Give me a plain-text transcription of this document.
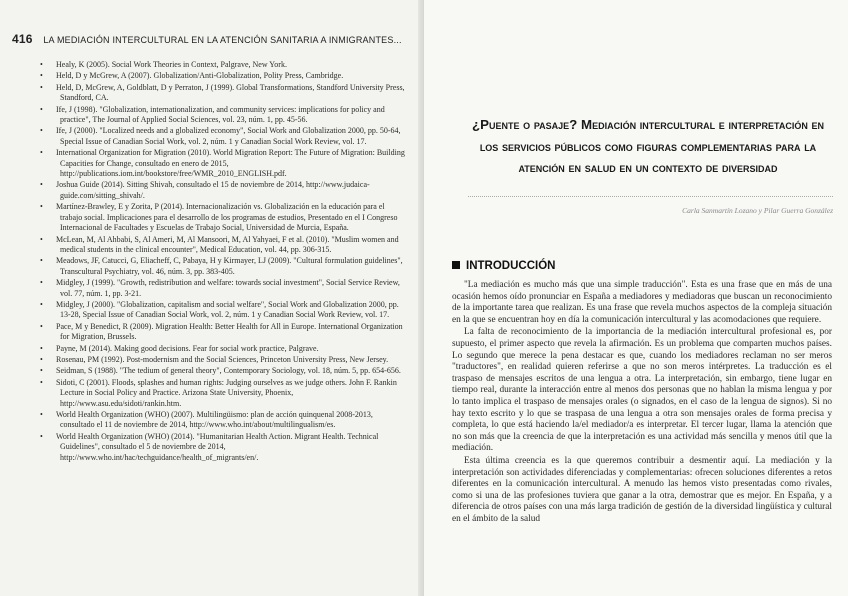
416 LA MEDIACIÓN INTERCULTURAL EN LA ATENCIÓN SANITARIA A INMIGRANTES...
• Healy, K (2005). Social Work Theories in Context, Palgrave, New York.
• Held, D y McGrew, A (2007). Globalization/Anti-Globalization, Polity Press, Cambridge.
• Held, D, McGrew, A, Goldblatt, D y Perraton, J (1999). Global Transformations, Standford University Press, Standford, CA.
• Ife, J (1998). "Globalization, internationalization, and community services: implications for policy and practice", The Journal of Applied Social Sciences, vol. 23, núm. 1, pp. 45-56.
• Ife, J (2000). "Localized needs and a globalized economy", Social Work and Globalization 2000, pp. 50-64, Special Issue of Canadian Social Work, vol. 2, núm. 1 y Canadian Social Work Review, vol. 17.
• International Organization for Migration (2010). World Migration Report: The Future of Migration: Building Capacities for Change, consultado en enero de 2015, http://publications.iom.int/bookstore/free/WMR_2010_ENGLISH.pdf.
• Joshua Guide (2014). Sitting Shivah, consultado el 15 de noviembre de 2014, http://www.judaica-guide.com/sitting_shivah/.
• Martínez-Brawley, E y Zorita, P (2014). Internacionalización vs. Globalización en la educación para el trabajo social. Implicaciones para el desarrollo de los programas de estudios, Presentado en el I Congreso Internacional de Facultades y Escuelas de Trabajo Social, Universidad de Murcia, España.
• McLean, M, Al Ahbabi, S, Al Ameri, M, Al Mansoori, M, Al Yahyaei, F et al. (2010). "Muslim women and medical students in the clinical encounter", Medical Education, vol. 44, pp. 306-315.
• Meadows, JF, Catucci, G, Eliacheff, C, Pabaya, H y Kirmayer, LJ (2009). "Cultural formulation guidelines", Transcultural Psychiatry, vol. 46, núm. 3, pp. 383-405.
• Midgley, J (1999). "Growth, redistribution and welfare: towards social investment", Social Service Review, vol. 77, núm. 1, pp. 3-21.
• Midgley, J (2000). "Globalization, capitalism and social welfare", Social Work and Globalization 2000, pp. 13-28, Special Issue of Canadian Social Work, vol. 2, núm. 1 y Canadian Social Work Review, vol. 17.
• Pace, M y Benedict, R (2009). Migration Health: Better Health for All in Europe. International Organization for Migration, Brussels.
• Payne, M (2014). Making good decisions. Fear for social work practice, Palgrave.
• Rosenau, PM (1992). Post-modernism and the Social Sciences, Princeton University Press, New Jersey.
• Seidman, S (1988). "The tedium of general theory", Contemporary Sociology, vol. 18, núm. 5, pp. 654-656.
• Sidoti, C (2001). Floods, splashes and human rights: Judging ourselves as we judge others. John F. Rankin Lecture in Social Policy and Practice. Arizona State University, Phoenix, http://www.asu.edu/sidoti/rankin.htm.
• World Health Organization (WHO) (2007). Multilingüismo: plan de acción quinquenal 2008-2013, consultado el 11 de noviembre de 2014, http://www.who.int/about/multilingualism/es.
• World Health Organization (WHO) (2014). "Humanitarian Health Action. Migrant Health. Technical Guidelines", consultado el 5 de noviembre de 2014, http://www.who.int/hac/techguidance/health_of_migrants/en/.
¿Puente o pasaje? Mediación intercultural e interpretación en los servicios públicos como figuras complementarias para la atención en salud en un contexto de diversidad
Carla Sanmartín Lozano y Pilar Guerra González
INTRODUCCIÓN

"La mediación es mucho más que una simple traducción". Esta es una frase que en más de una ocasión hemos oído pronunciar en España a mediadores y mediadoras que buscan un reconocimiento de la importante tarea que realizan. Es una frase que revela muchos aspectos de la compleja situación en la que se encuentran hoy en día la comunicación intercultural y las acomodaciones que requiere.

La falta de reconocimiento de la importancia de la mediación intercultural profesional es, por supuesto, el primer aspecto que revela la afirmación. Es un problema que comparten muchos países. Lo segundo que merece la pena destacar es que, cuando los mediadores reclaman no ser meros "traductores", en realidad quieren referirse a que no son meros intérpretes. La traducción es el traspaso de mensajes escritos de una lengua a otra. La interpretación, sin embargo, tiene lugar en tiempo real, durante la interacción entre al menos dos personas que no hablan la misma lengua y por lo tanto implica el traspaso de mensajes orales (o signados, en el caso de la lengua de signos). Si no hay texto escrito y lo que se traspasa de una lengua a otra son mensajes orales de forma precisa y completa, lo que está haciendo la/el mediador/a es interpretar. El tercer lugar, llama la atención que no son más que la creencia de que la interpretación es una actividad más sencilla y menos útil que la mediación.

Esta última creencia es la que queremos contribuir a desmentir aquí. La mediación y la interpretación son actividades diferenciadas y complementarias: ofrecen soluciones diferentes a retos diferentes en la comunicación intercultural. A menudo las hemos visto presentadas como rivales, como si una de las profesiones tuviera que ganar a la otra, demostrar que es mejor. En España, y a diferencia de otros países con una más larga tradición de gestión de la diversidad lingüística y cultural en el ámbito de la salud
